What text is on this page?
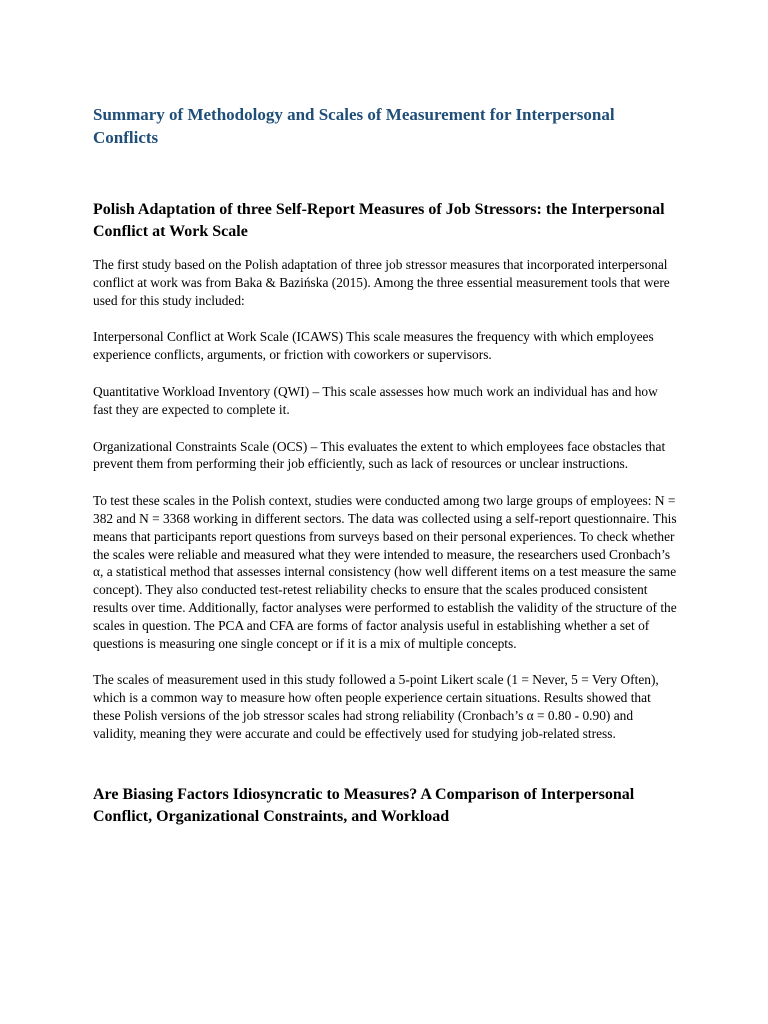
Summary of Methodology and Scales of Measurement for Interpersonal Conflicts
Polish Adaptation of three Self-Report Measures of Job Stressors: the Interpersonal Conflict at Work Scale

The first study based on the Polish adaptation of three job stressor measures that incorporated interpersonal conflict at work was from Baka & Bazińska (2015). Among the three essential measurement tools that were used for this study included:

Interpersonal Conflict at Work Scale (ICAWS) This scale measures the frequency with which employees experience conflicts, arguments, or friction with coworkers or supervisors.

Quantitative Workload Inventory (QWI) – This scale assesses how much work an individual has and how fast they are expected to complete it.

Organizational Constraints Scale (OCS) – This evaluates the extent to which employees face obstacles that prevent them from performing their job efficiently, such as lack of resources or unclear instructions.

To test these scales in the Polish context, studies were conducted among two large groups of employees: N = 382 and N = 3368 working in different sectors. The data was collected using a self-report questionnaire. This means that participants report questions from surveys based on their personal experiences. To check whether the scales were reliable and measured what they were intended to measure, the researchers used Cronbach’s α, a statistical method that assesses internal consistency (how well different items on a test measure the same concept). They also conducted test-retest reliability checks to ensure that the scales produced consistent results over time. Additionally, factor analyses were performed to establish the validity of the structure of the scales in question. The PCA and CFA are forms of factor analysis useful in establishing whether a set of questions is measuring one single concept or if it is a mix of multiple concepts.

The scales of measurement used in this study followed a 5-point Likert scale (1 = Never, 5 = Very Often), which is a common way to measure how often people experience certain situations. Results showed that these Polish versions of the job stressor scales had strong reliability (Cronbach’s α = 0.80 - 0.90) and validity, meaning they were accurate and could be effectively used for studying job-related stress.

Are Biasing Factors Idiosyncratic to Measures? A Comparison of Interpersonal Conflict, Organizational Constraints, and Workload
